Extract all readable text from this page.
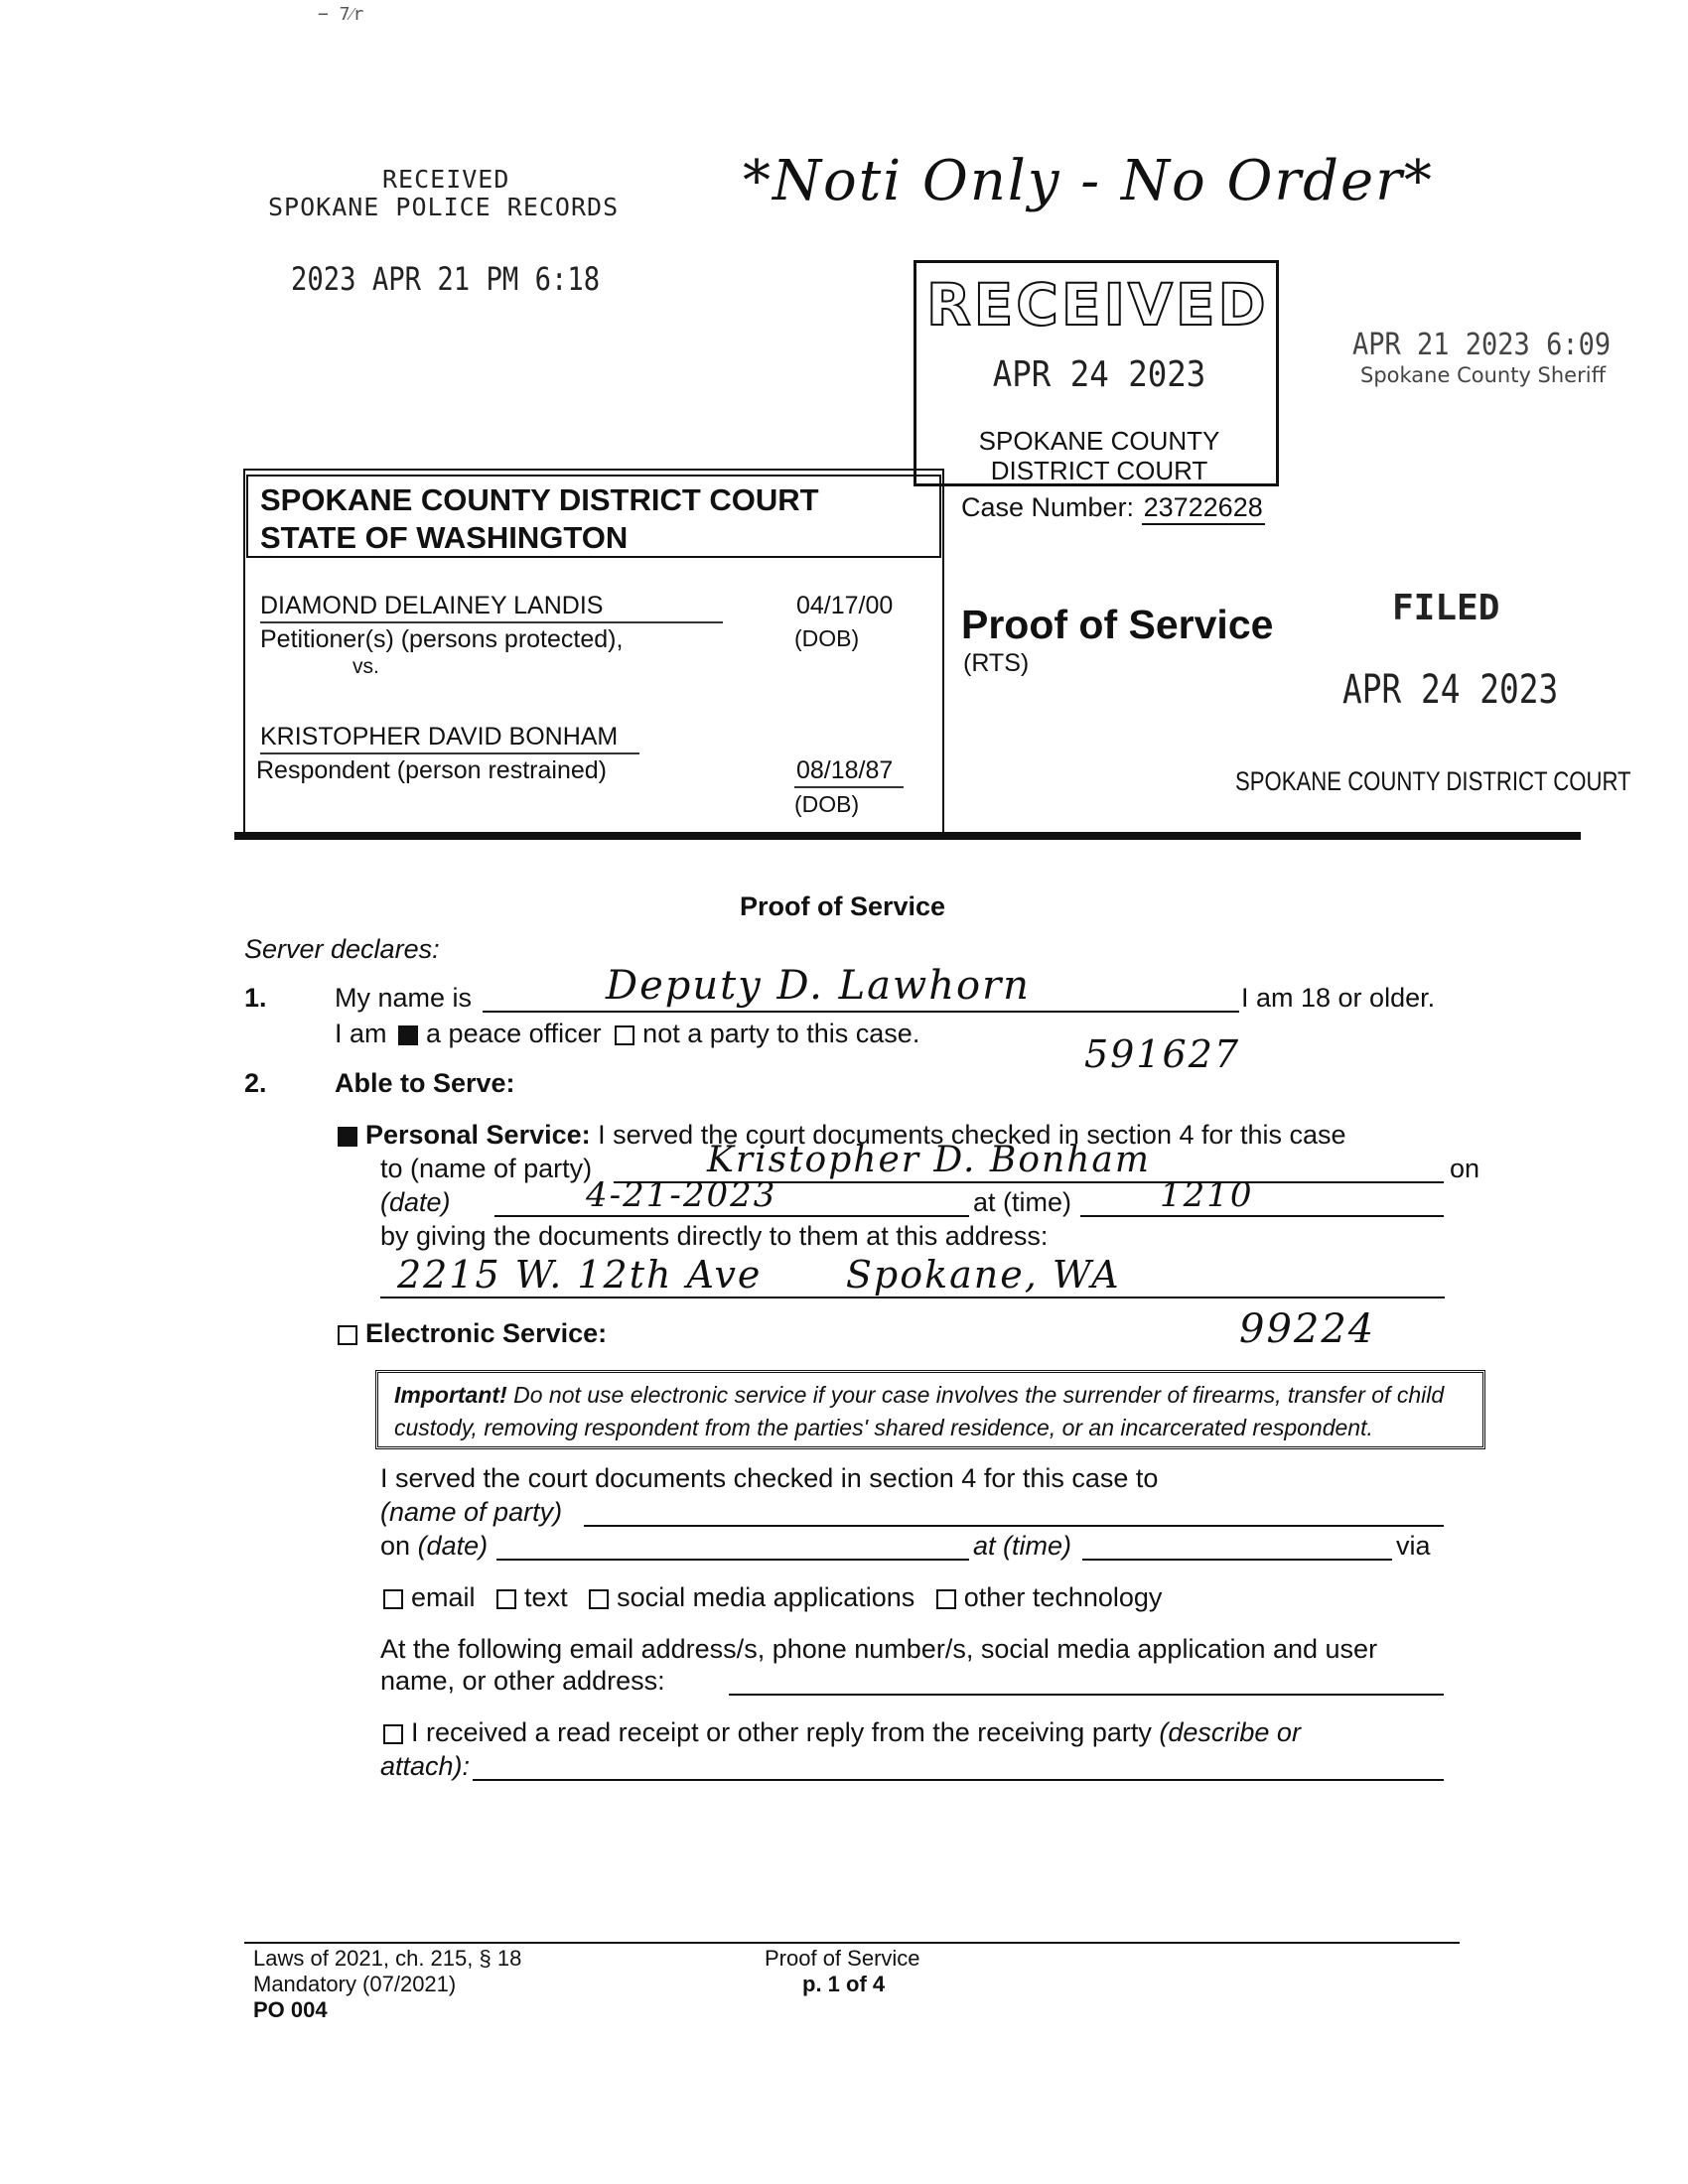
− 7⁄r
RECEIVED
SPOKANE POLICE RECORDS
2023 APR 21 PM 6:18
*Noti Only - No Order*
RECEIVED
APR 24 2023
SPOKANE COUNTY
DISTRICT COURT
APR 21 2023 6:09
Spokane County Sheriff
SPOKANE COUNTY DISTRICT COURT
STATE OF WASHINGTON
Case Number: 23722628
DIAMOND DELAINEY LANDIS
Petitioner(s) (persons protected),
04/17/00
(DOB)
vs.
KRISTOPHER DAVID BONHAM
Respondent (person restrained)	08/18/87
(DOB)
Proof of Service
(RTS)
FILED
APR 24 2023
SPOKANE COUNTY DISTRICT COURT
Proof of Service
Server declares:
1.	My name is	Deputy D. Lawhorn	I am 18 or older.
I am a peace officer not a party to this case.	591627
2.	Able to Serve:
Personal Service: I served the court documents checked in section 4 for this case
to (name of party)	Kristopher D. Bonham	on
(date)	4-21-2023	at (time)	1210
by giving the documents directly to them at this address:
2215 W. 12th Ave      Spokane, WA
99224
Electronic Service:
Important! Do not use electronic service if your case involves the surrender of firearms, transfer of child custody, removing respondent from the parties' shared residence, or an incarcerated respondent.
I served the court documents checked in section 4 for this case to
(name of party)
on (date)	at (time)	via
email text social media applications other technology
At the following email address/s, phone number/s, social media application and user
name, or other address:
I received a read receipt or other reply from the receiving party (describe or
attach):
Laws of 2021, ch. 215, § 18
Mandatory (07/2021)
PO 004
Proof of Service
p. 1 of 4
